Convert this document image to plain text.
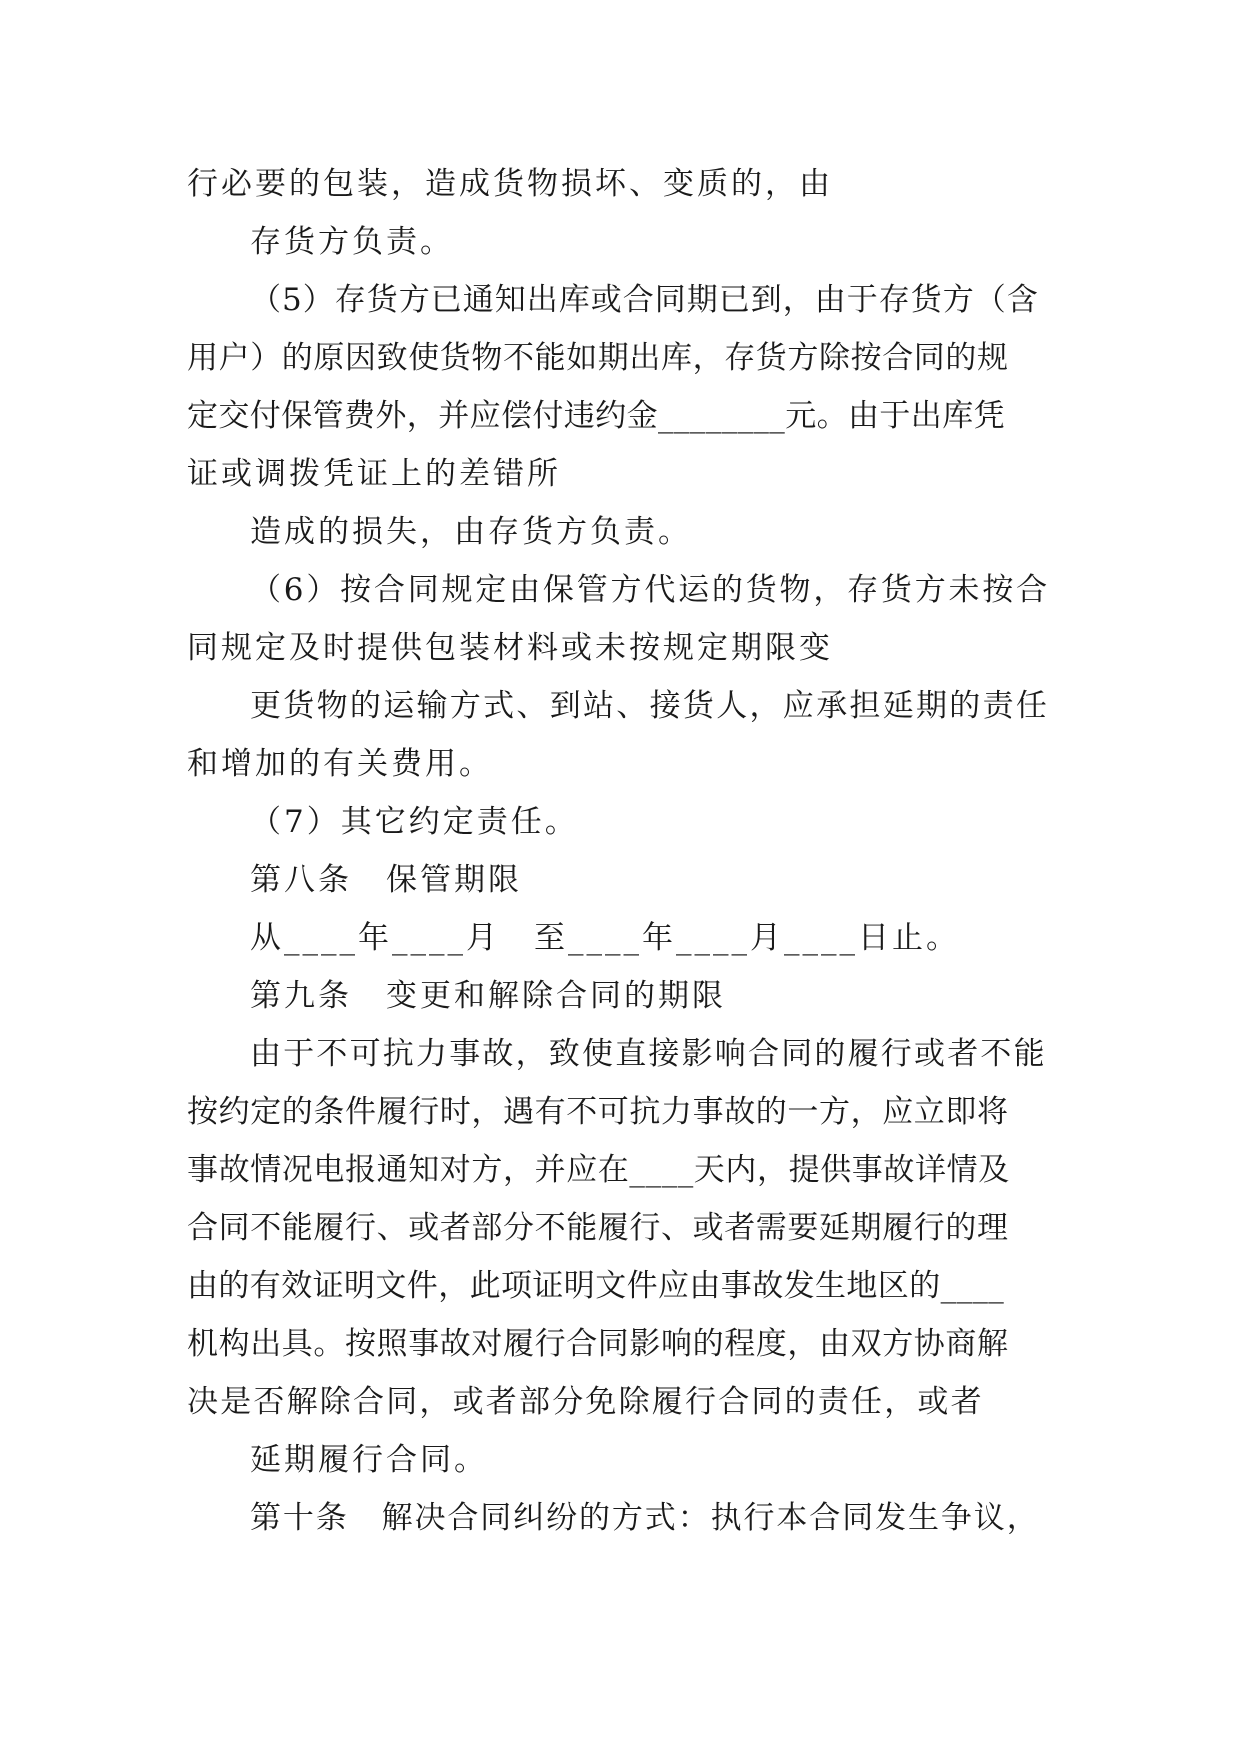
行必要的包装，造成货物损坏、变质的，由
存货方负责。
（5）存货方已通知出库或合同期已到，由于存货方（含
用户）的原因致使货物不能如期出库，存货方除按合同的规
定交付保管费外，并应偿付违约金________元。由于出库凭
证或调拨凭证上的差错所
造成的损失，由存货方负责。
（6）按合同规定由保管方代运的货物，存货方未按合
同规定及时提供包装材料或未按规定期限变
更货物的运输方式、到站、接货人，应承担延期的责任
和增加的有关费用。
（7）其它约定责任。
第八条　保管期限
从____年____月　至____年____月____日止。
第九条　变更和解除合同的期限
由于不可抗力事故，致使直接影响合同的履行或者不能
按约定的条件履行时，遇有不可抗力事故的一方，应立即将
事故情况电报通知对方，并应在____天内，提供事故详情及
合同不能履行、或者部分不能履行、或者需要延期履行的理
由的有效证明文件，此项证明文件应由事故发生地区的____
机构出具。按照事故对履行合同影响的程度，由双方协商解
决是否解除合同，或者部分免除履行合同的责任，或者
延期履行合同。
第十条　解决合同纠纷的方式：执行本合同发生争议，
